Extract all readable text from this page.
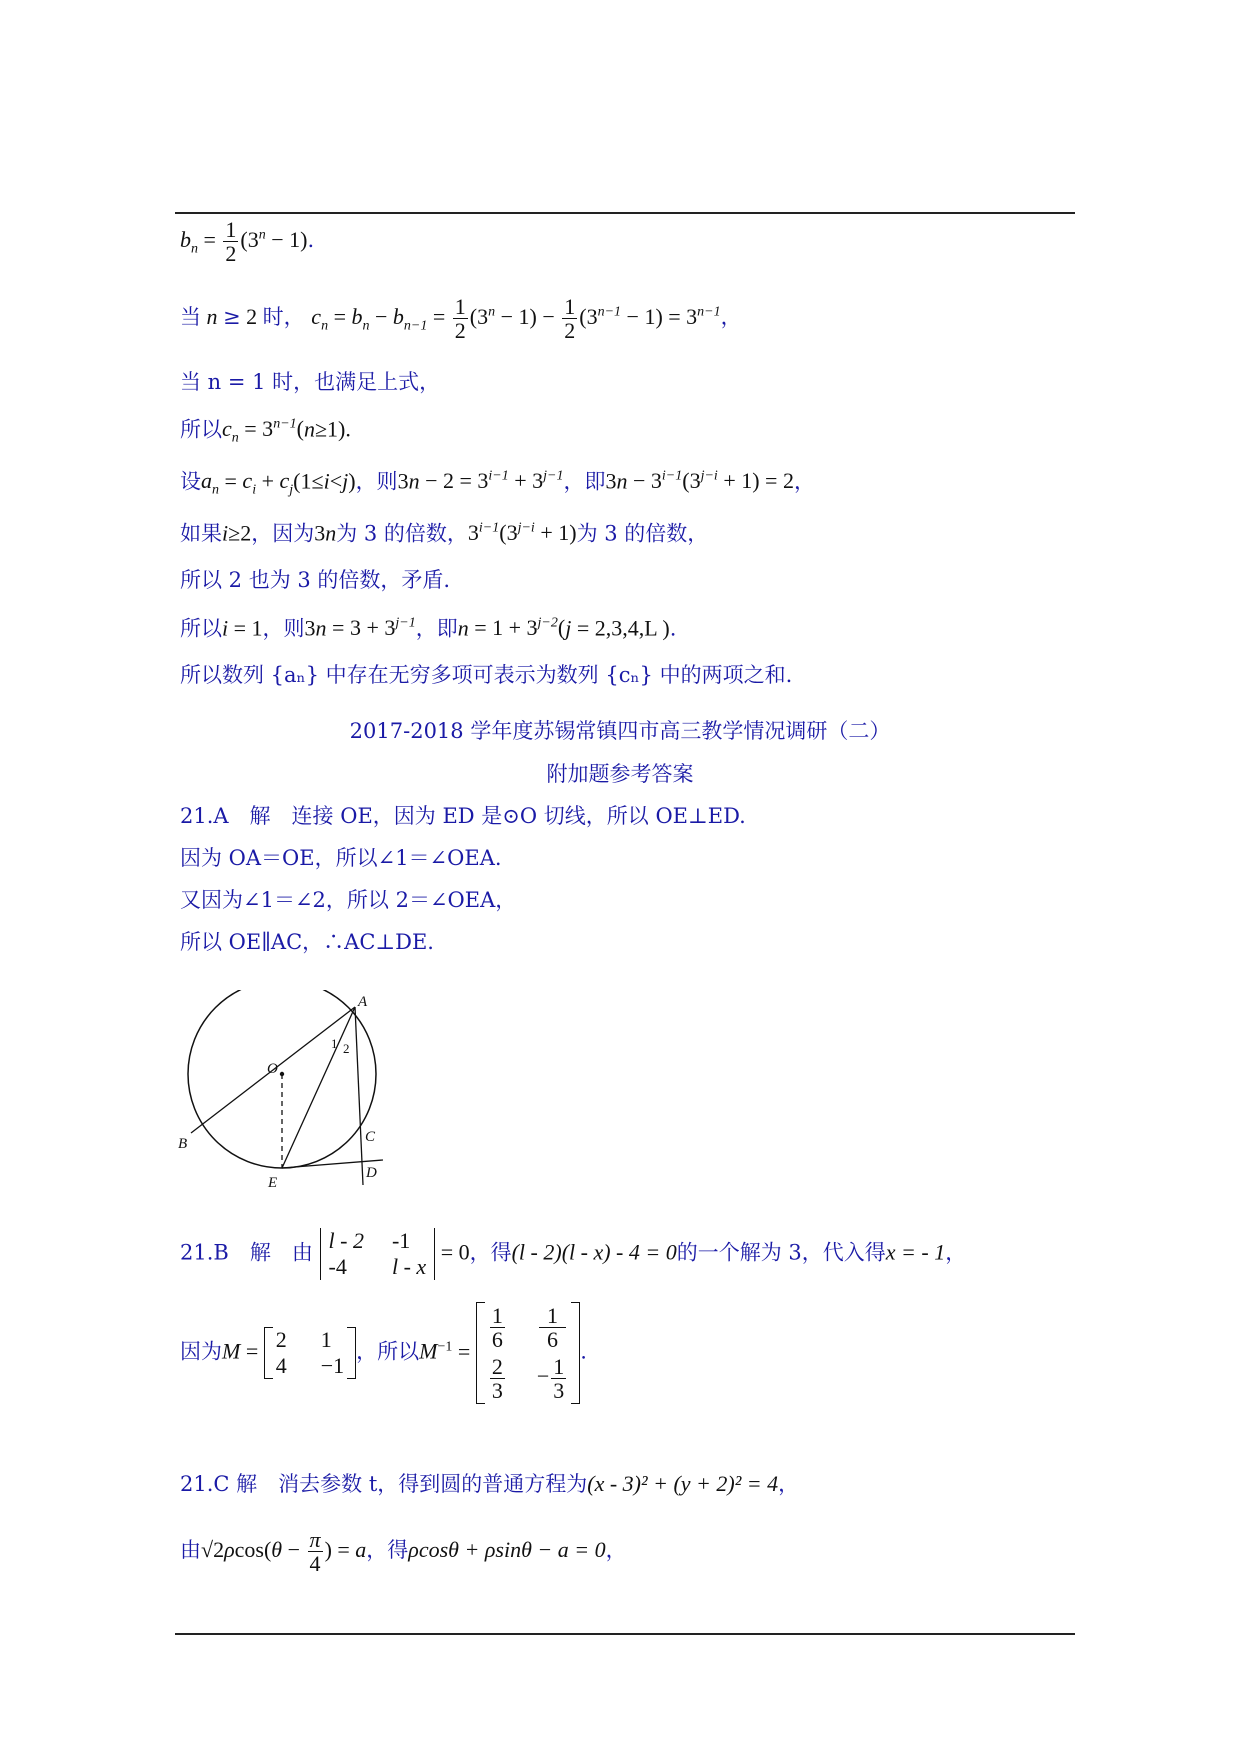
$b_n = \frac{1}{2} (3^n - 1)$.
当 n ≥ 2 时， $c_n = b_n - b_{n-1} = \frac{1}{2} (3^n - 1) - \frac{1}{2} (3^{n-1} - 1) = 3^{n-1}$，
当 n = 1 时，也满足上式，
所以$c_n = 3^{n-1}(n\ge 1)$.
设$a_n = c_i + c_j(1\le i<j)$，则$3n - 2 = 3^{i-1} + 3^{j-1}$，即$3n - 3^{i-1}(3^{j-i} + 1) = 2$，
如果i≥2，因为3n为 3 的倍数，$3^{i-1}(3^{j-i} + 1)$为 3 的倍数，
所以 2 也为 3 的倍数，矛盾.
所以i = 1，则$3n = 3 + 3^{j-1}$，即$n = 1 + 3^{j-2}(j = 2,3,4,L$ ).
所以数列 {aₙ} 中存在无穷多项可表示为数列 {cₙ} 中的两项之和.
2017-2018 学年度苏锡常镇四市高三教学情况调研（二）
附加题参考答案
21.A　解　连接 OE，因为 ED 是⊙O 切线，所以 OE⊥ED.
因为 OA＝OE，所以∠1＝∠OEA.
又因为∠1＝∠2，所以 2＝∠OEA，
所以 OE∥AC，∴AC⊥DE.
A
O
1 2
B	C
E
D
21.B　解　由 l - 2 -1
-4	l - x
= 0，得(l - 2)(l - x) - 4 = 0的一个解为 3，代入得x = - 1，
因为M = 2 1
4 −1
，所以$M^{-1} = \frac{1}{6} \frac{1}{6}$
$\frac{2}{3} - \frac{1}{3}$
.
21.C 解　消去参数 t，得到圆的普通方程为(x - 3)² + (y + 2)² = 4，
由$√2\rho\cos(\theta - \frac{\pi}{4}$ ) = a，得ρcosθ + ρsinθ − a = 0，
